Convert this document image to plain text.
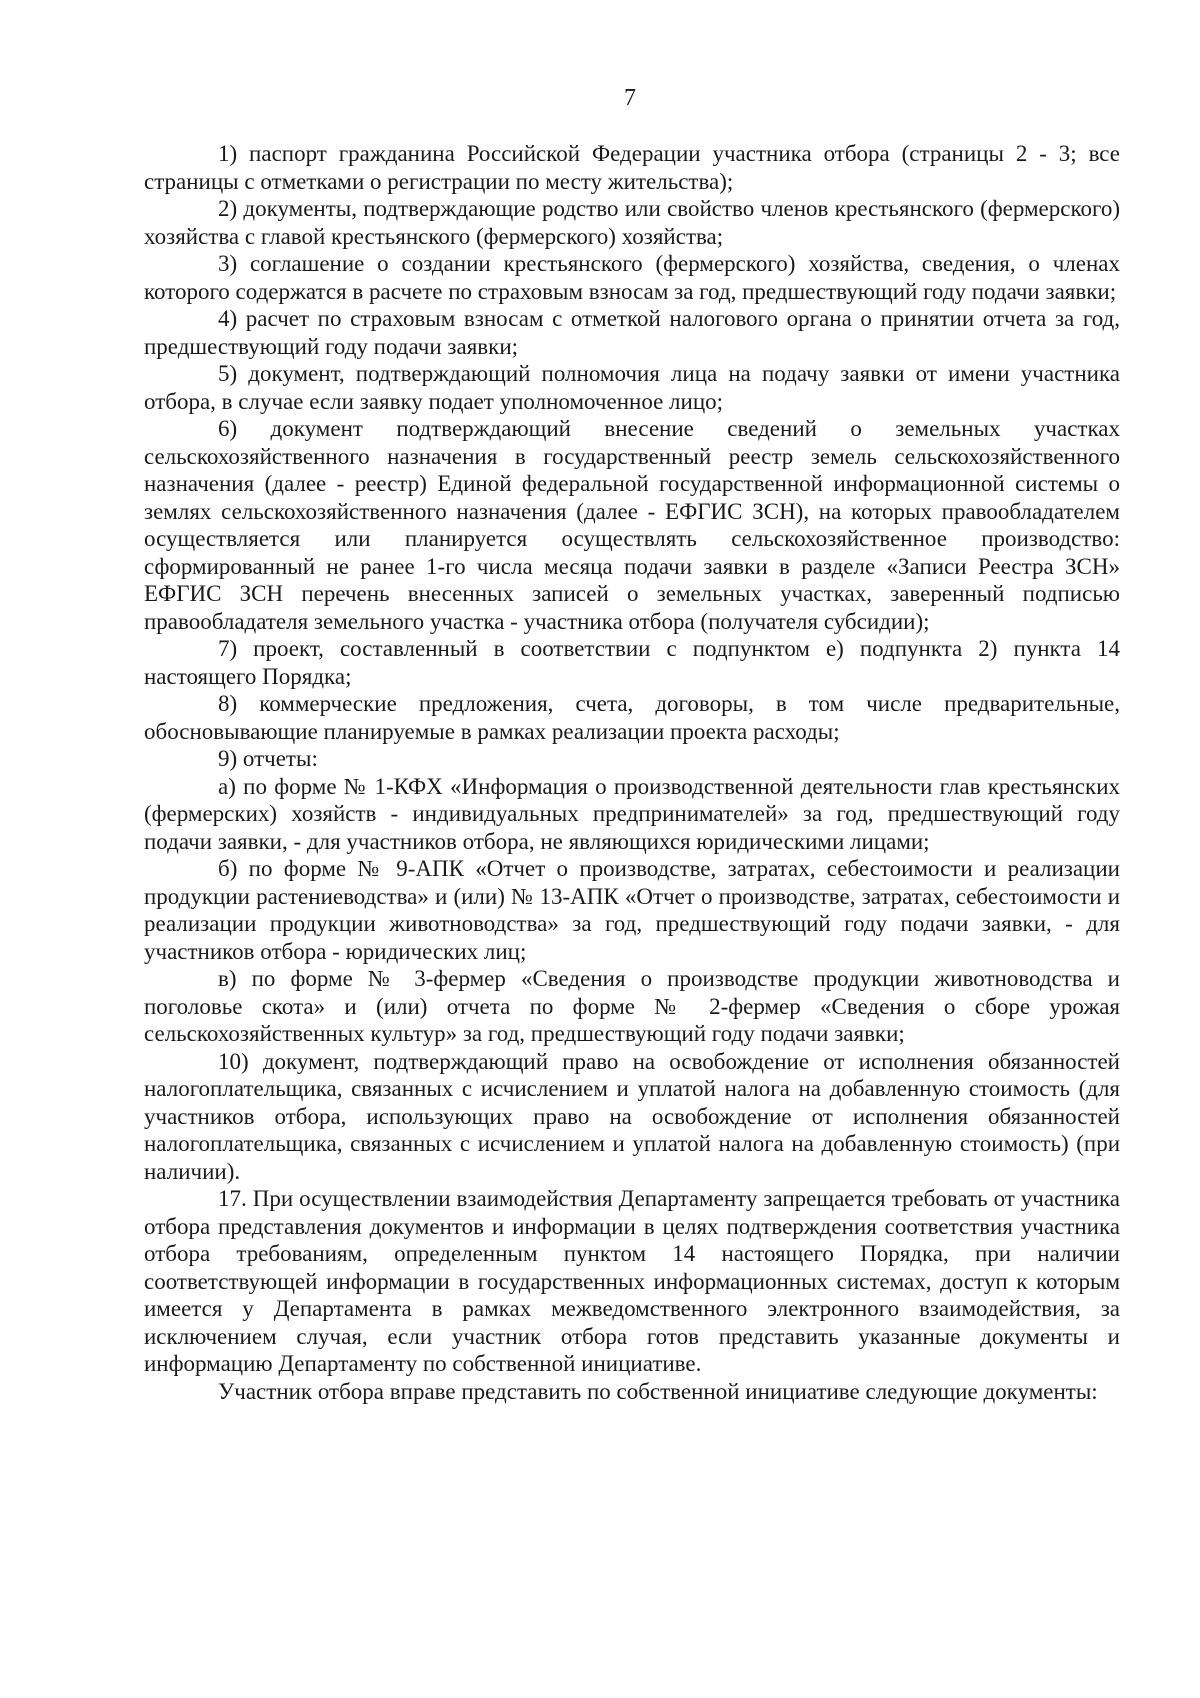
7

1) паспорт гражданина Российской Федерации участника отбора (страницы 2 - 3; все страницы с отметками о регистрации по месту жительства);

2) документы, подтверждающие родство или свойство членов крестьянского (фермерского) хозяйства с главой крестьянского (фермерского) хозяйства;

3) соглашение о создании крестьянского (фермерского) хозяйства, сведения, о членах которого содержатся в расчете по страховым взносам за год, предшествующий году подачи заявки;

4) расчет по страховым взносам с отметкой налогового органа о принятии отчета за год, предшествующий году подачи заявки;

5) документ, подтверждающий полномочия лица на подачу заявки от имени участника отбора, в случае если заявку подает уполномоченное лицо;

6) документ подтверждающий внесение сведений о земельных участках сельскохозяйственного назначения в государственный реестр земель сельскохозяйственного назначения (далее - реестр) Единой федеральной государственной информационной системы о землях сельскохозяйственного назначения (далее - ЕФГИС ЗСН), на которых правообладателем осуществляется или планируется осуществлять сельскохозяйственное производство: сформированный не ранее 1-го числа месяца подачи заявки в разделе «Записи Реестра ЗСН» ЕФГИС ЗСН перечень внесенных записей о земельных участках, заверенный подписью правообладателя земельного участка - участника отбора (получателя субсидии);

7) проект, составленный в соответствии с подпунктом е) подпункта 2) пункта 14 настоящего Порядка;

8) коммерческие предложения, счета, договоры, в том числе предварительные, обосновывающие планируемые в рамках реализации проекта расходы;

9) отчеты:

а) по форме № 1-КФХ «Информация о производственной деятельности глав крестьянских (фермерских) хозяйств - индивидуальных предпринимателей» за год, предшествующий году подачи заявки, - для участников отбора, не являющихся юридическими лицами;

б) по форме № 9-АПК «Отчет о производстве, затратах, себестоимости и реализации продукции растениеводства» и (или) № 13-АПК «Отчет о производстве, затратах, себестоимости и реализации продукции животноводства» за год, предшествующий году подачи заявки, - для участников отбора - юридических лиц;

в) по форме № 3-фермер «Сведения о производстве продукции животноводства и поголовье скота» и (или) отчета по форме № 2-фермер «Сведения о сборе урожая сельскохозяйственных культур» за год, предшествующий году подачи заявки;

10) документ, подтверждающий право на освобождение от исполнения обязанностей налогоплательщика, связанных с исчислением и уплатой налога на добавленную стоимость (для участников отбора, использующих право на освобождение от исполнения обязанностей налогоплательщика, связанных с исчислением и уплатой налога на добавленную стоимость) (при наличии).

17. При осуществлении взаимодействия Департаменту запрещается требовать от участника отбора представления документов и информации в целях подтверждения соответствия участника отбора требованиям, определенным пунктом 14 настоящего Порядка, при наличии соответствующей информации в государственных информационных системах, доступ к которым имеется у Департамента в рамках межведомственного электронного взаимодействия, за исключением случая, если участник отбора готов представить указанные документы и информацию Департаменту по собственной инициативе.

Участник отбора вправе представить по собственной инициативе следующие документы:
